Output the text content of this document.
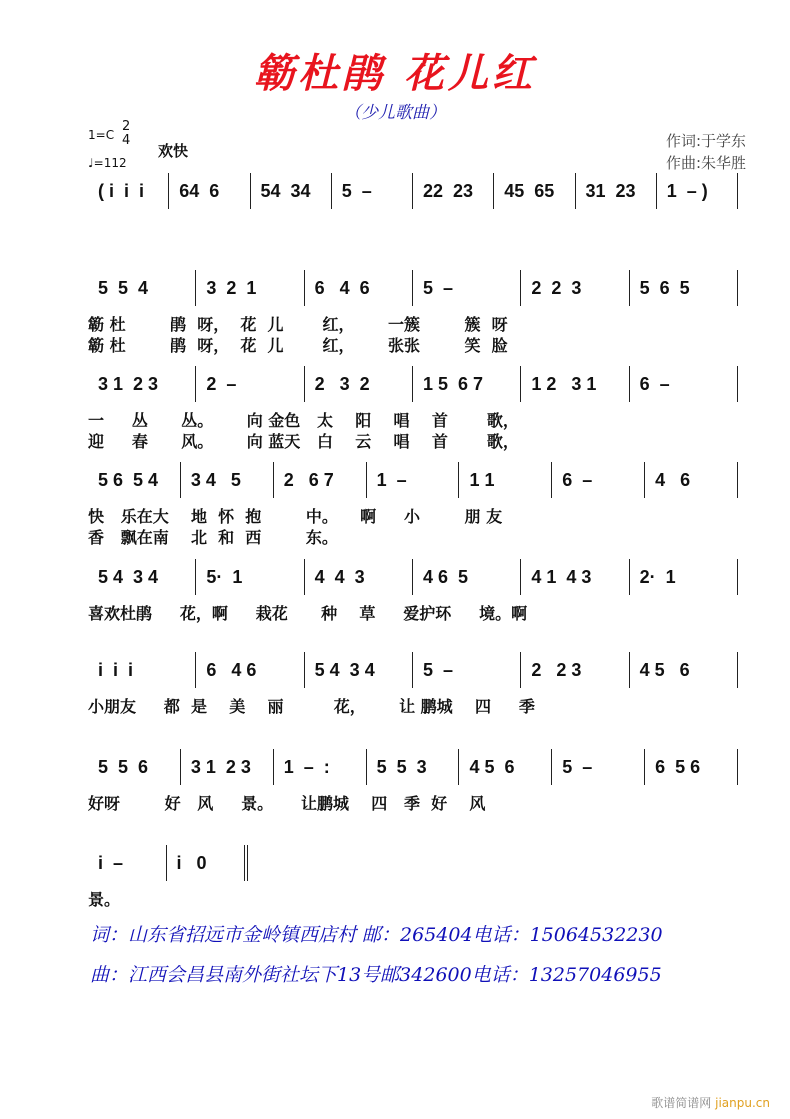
簕杜鹃 花儿红
（少儿歌曲）
1=C
2
4
♩=112
欢快
作词:于学东
作曲:朱华胜
( i  i  i	64  6	54  34	5  –	22  23	45  65	31  23	1  – )
5  5  4	3  2  1	6   4  6	5  –	2  2  3	5  6  5
簕 杜        鹃  呀，  花  儿       红，      一簇        簇  呀
簕 杜        鹃  呀，  花  儿       红，      张张        笑  脸
3 1  2 3	2  –	2   3  2	1 5  6 7	1 2   3 1	6  –
一     丛      丛。      向 金色   太    阳    唱    首       歌，
迎     春      风。      向 蓝天   白    云    唱    首       歌，
5 6  5 4	3 4   5	2   6 7	1  –	1 1	6  –	4   6
快   乐在大    地  怀  抱        中。    啊     小        朋 友
香   飘在南    北  和  西        东。
5 4  3 4	5·  1	4  4  3	4 6  5	4 1  4 3	2·  1
喜欢杜鹃     花，啊     栽花      种    草     爱护环     境。啊
i  i  i	6   4 6	5 4  3 4	5  –	2   2 3	4 5   6
小朋友     都  是    美    丽         花，      让 鹏城    四     季
5  5  6	3 1  2 3	1  –  :	5  5  3	4 5  6	5  –	6  5 6
好呀        好   风     景。     让鹏城    四   季  好    风
i  –	i   0
景。
词：山东省招远市金岭镇西店村 邮：265404电话：15064532230
曲：江西会昌县南外街社坛下13号邮342600电话：13257046955
歌谱简谱网 jianpu.cn
